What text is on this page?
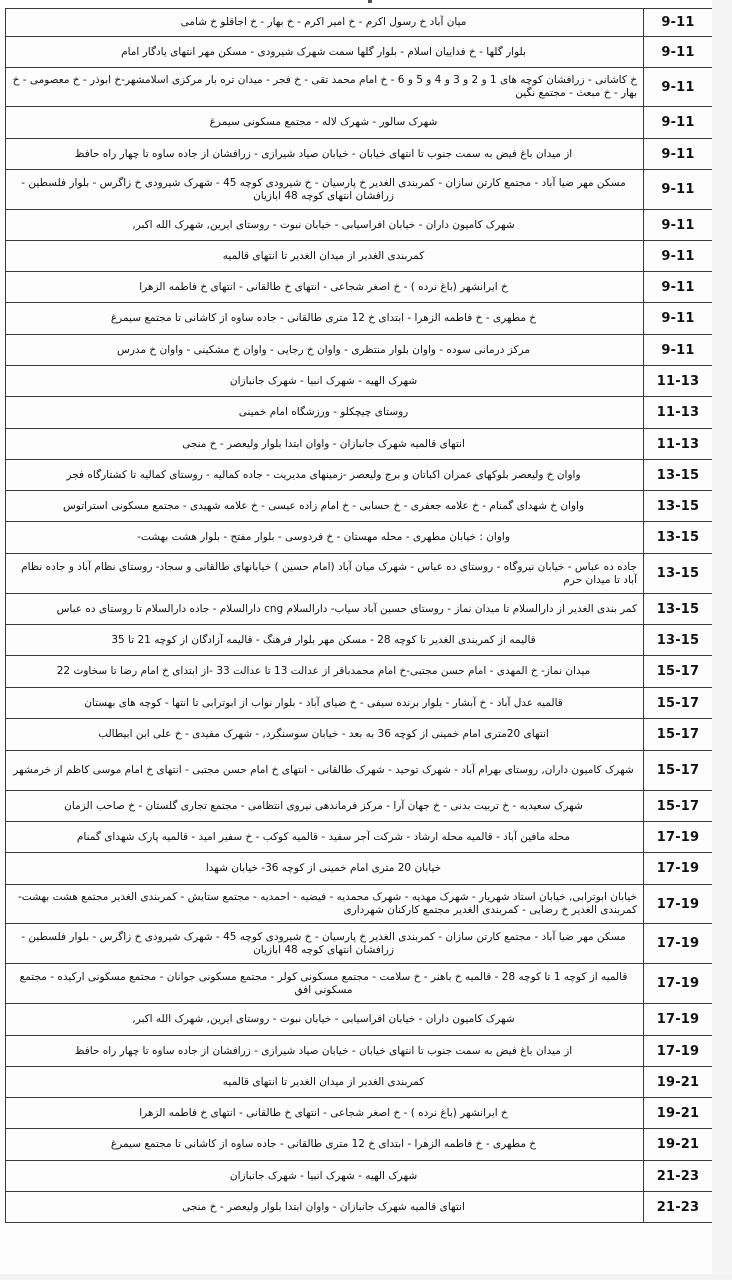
میان آباد خ رسول اکرم - خ امیر اکرم - خ بهار - خ اجاقلو خ شامی	9-11
بلوار گلها - خ فداییان اسلام - بلوار گلها سمت شهرک شیرودی - مسکن مهر انتهای یادگار امام	9-11
خ کاشانی - زرافشان کوچه های 1 و 2 و 3 و 4 و 5 و 6 - خ امام محمد تقی - خ فجر - میدان تره بار مرکزی اسلامشهر-خ ابوذر - خ معصومی - خ بهار - خ مبعث - مجتمع نگین	9-11
شهرک سالور - شهرک لاله - مجتمع مسکونی سیمرغ	9-11
از میدان باغ فیض به سمت جنوب تا انتهای خیابان - خیابان صیاد شیرازی - زرافشان از جاده ساوه تا چهار راه حافظ	9-11
مسکن مهر ضیا آباد - مجتمع کارتن سازان - کمربندی الغدیر خ پارسیان - خ شیرودی کوچه 45 - شهرک شیرودی خ زاگرس - بلوار فلسطین - زرافشان انتهای کوچه 48 ابازیان	9-11
شهرک کامیون داران - خیابان افراسیابی - خیابان نبوت - روستای ایرین, شهرک الله اکبر,	9-11
کمربندی الغدیر از میدان الغدیر تا انتهای قالمیه	9-11
خ ایرانشهر (باغ نرده ) - خ اصغر شجاعی - انتهای خ طالقانی - انتهای خ فاطمه الزهرا	9-11
خ مطهری - خ فاطمه الزهرا - ابتدای خ 12 متری طالقانی - جاده ساوه از کاشانی تا مجتمع سیمرغ	9-11
مرکز درمانی سوده - واوان بلوار منتظری - واوان خ رجایی - واوان خ مشکینی - واوان خ مدرس	9-11
شهرک الهیه - شهرک انبیا - شهرک جانبازان	11-13
روستای چیچکلو - ورزشگاه امام خمینی	11-13
انتهای قالمیه شهرک جانبازان - واوان ابتدا بلوار ولیعصر - خ منجی	11-13
واوان خ ولیعصر بلوکهای عمران اکباتان و برج ولیعصر -زمینهای مدیریت - جاده کمالیه - روستای کمالیه تا کشتارگاه فجر	13-15
واوان خ شهدای گمنام - خ علامه جعفری - خ حسابی - خ امام زاده عیسی - خ علامه شهیدی - مجتمع مسکونی استراتوس	13-15
واوان : خیابان مطهری - محله مهستان - خ فردوسی - بلوار مفتح - بلوار هشت بهشت-	13-15
جاده ده عباس - خیابان نیروگاه - روستای ده عباس - شهرک میان آباد (امام حسین ) خیابانهای طالقانی و سجاد- روستای نظام آباد و جاده نظام آباد تا میدان حرم	13-15
کمر بندی الغدیر از دارالسلام تا میدان نماز - روستای حسین آباد سیاب- دارالسلام cng دارالسلام - جاده دارالسلام تا روستای ده عباس	13-15
قالیمه از کمربندی الغدیر تا کوچه 28 - مسکن مهر بلوار فرهنگ - قالیمه آزادگان از کوچه 21 تا 35	13-15
میدان نماز- خ المهدی - امام حسن مجتبی-خ امام محمدباقر از عدالت 13 تا عدالت 33 -از ابتدای خ امام رضا تا سخاوت 22	15-17
قالمیه عدل آباد - خ آبشار - بلوار برنده سیفی - خ ضیای آباد - بلوار نواب از ابوترابی تا انتها - کوچه های بهستان	15-17
انتهای 20متری امام خمینی از کوچه 36 به بعد - خیابان سوسنگرد, - شهرک مفیدی - خ علی ابن ابیطالب	15-17
شهرک کامیون داران, روستای بهرام آباد - شهرک توحید - شهرک طالقانی - انتهای خ امام حسن مجتبی - انتهای خ امام موسی کاظم از خرمشهر	15-17
شهرک سعیدیه - خ تربیت بدنی - خ جهان آرا - مرکز فرماندهی نیروی انتظامی - مجتمع تجاری گلستان - خ صاحب الزمان	15-17
محله مافین آباد - قالمیه محله ارشاد - شرکت آجر سفید - قالمیه کوکب - خ سفیر امید - قالمیه پارک شهدای گمنام	17-19
خیابان 20 متری امام خمینی از کوچه 36- خیابان شهدا	17-19
خیابان ابوترابی, خیابان استاد شهریار - شهرک مهدیه - شهرک محمدیه - فیضیه - احمدیه - مجتمع ستایش - کمربندی الغدیر مجتمع هشت بهشت- کمربندی الغدیر خ رضایی - کمربندی الغدیر مجتمع کارکنان شهرداری	17-19
مسکن مهر ضیا آباد - مجتمع کارتن سازان - کمربندی الغدیر خ پارسیان - خ شیرودی کوچه 45 - شهرک شیرودی خ زاگرس - بلوار فلسطین - زرافشان انتهای کوچه 48 ابازیان	17-19
قالمیه از کوچه 1 تا کوچه 28 - قالمیه خ باهنر - خ سلامت - مجتمع مسکونی کولر - مجتمع مسکونی جوانان - مجتمع مسکونی ارکیده - مجتمع مسکونی افق	17-19
شهرک کامیون داران - خیابان افراسیابی - خیابان نبوت - روستای ایرین, شهرک الله اکبر,	17-19
از میدان باغ فیض به سمت جنوب تا انتهای خیابان - خیابان صیاد شیرازی - زرافشان از جاده ساوه تا چهار راه حافظ	17-19
کمربندی الغدیر از میدان الغدیر تا انتهای قالمیه	19-21
خ ایرانشهر (باغ نرده ) - خ اصغر شجاعی - انتهای خ طالقانی - انتهای خ فاطمه الزهرا	19-21
خ مطهری - خ فاطمه الزهرا - ابتدای خ 12 متری طالقانی - جاده ساوه از کاشانی تا مجتمع سیمرغ	19-21
شهرک الهیه - شهرک انبیا - شهرک جانبازان	21-23
انتهای قالمیه شهرک جانبازان - واوان ابتدا بلوار ولیعصر - خ منجی	21-23
